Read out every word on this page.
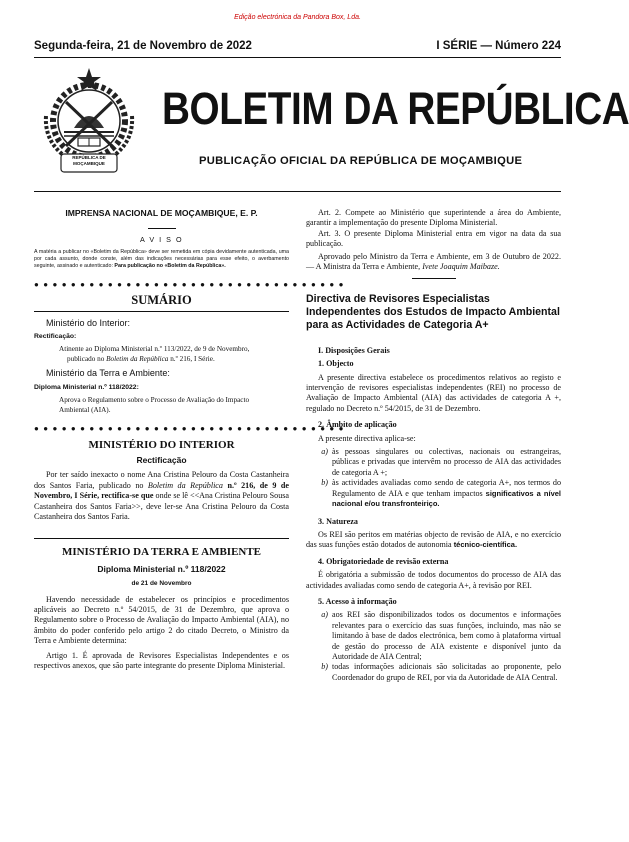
Edição electrónica da Pandora Box, Lda.
Segunda-feira, 21 de Novembro de 2022	I SÉRIE — Número 224
REPÚBLICA DE
MOÇAMBIQUE
BOLETIM DA REPÚBLICA
PUBLICAÇÃO OFICIAL DA REPÚBLICA DE MOÇAMBIQUE
IMPRENSA NACIONAL DE MOÇAMBIQUE, E. P.
A V I S O

A matéria a publicar no «Boletim da República» deve ser remetida em cópia devidamente autenticada, uma por cada assunto, donde conste, além das indicações necessárias para esse efeito, o averbamento seguinte, assinado e autenticado: Para publicação no «Boletim da República».

● ● ● ● ● ● ● ● ● ● ● ● ● ● ● ● ● ● ● ● ● ● ● ● ● ● ● ● ● ● ● ● ● ●
SUMÁRIO
Ministério do Interior:
Rectificação:
Atinente ao Diploma Ministerial n.º 113/2022, de 9 de Novembro,
publicado no Boletim da República n.º 216, I Série.
Ministério da Terra e Ambiente:
Diploma Ministerial n.º 118/2022:
Aprova o Regulamento sobre o Processo de Avaliação do Impacto Ambiental (AIA).
● ● ● ● ● ● ● ● ● ● ● ● ● ● ● ● ● ● ● ● ● ● ● ● ● ● ● ● ● ● ● ● ● ●
MINISTÉRIO DO INTERIOR
Rectificação

Por ter saído inexacto o nome Ana Cristina Pelouro da Costa Castanheira dos Santos Faria, publicado no Boletim da República n.º 216, de 9 de Novembro, I Série, rectifica-se que onde se lê <<Ana Cristina Pelouro Sousa Castanheira dos Santos Faria>>, deve ler-se Ana Cristina Pelouro da Costa Castanheira dos Santos Faria.

MINISTÉRIO DA TERRA E AMBIENTE
Diploma Ministerial n.º 118/2022
de 21 de Novembro

Havendo necessidade de estabelecer os princípios e procedimentos aplicáveis ao Decreto n.º 54/2015, de 31 de Dezembro, que aprova o Regulamento sobre o Processo de Avaliação do Impacto Ambiental (AIA), no âmbito do poder conferido pelo artigo 2 do citado Decreto, o Ministro da Terra e Ambiente determina:

Artigo 1. É aprovada de Revisores Especialistas Independentes e os respectivos anexos, que são parte integrante do presente Diploma Ministerial.

Art. 2. Compete ao Ministério que superintende a área do Ambiente, garantir a implementação do presente Diploma Ministerial.

Art. 3. O presente Diploma Ministerial entra em vigor na data da sua publicação.

Aprovado pelo Ministro da Terra e Ambiente, em 3 de Outubro de 2022. — A Ministra da Terra e Ambiente, Ivete Joaquim Maibaze.

Directiva de Revisores Especialistas Independentes dos Estudos de Impacto Ambiental para as Actividades de Categoria A+
I. Disposições Gerais
1. Objecto

A presente directiva estabelece os procedimentos relativos ao registo e intervenção de revisores especialistas independentes (REI) no processo de Avaliação de Impacto Ambiental (AIA) das actividades de categoria A +, regulado no Decreto n.º 54/2015, de 31 de Dezembro.

2. Âmbito de aplicação

A presente directiva aplica-se:

a) às pessoas singulares ou colectivas, nacionais ou estrangeiras, públicas e privadas que intervêm no processo de AIA das actividades de categoria A +;
b) às actividades avaliadas como sendo de categoria A+, nos termos do Regulamento de AIA e que tenham impactos significativos a nível nacional e/ou transfronteiriço.
3. Natureza

Os REI são peritos em matérias objecto de revisão de AIA, e no exercício das suas funções estão dotados de autonomia técnico-científica.

4. Obrigatoriedade de revisão externa

É obrigatória a submissão de todos documentos do processo de AIA das actividades avaliadas como sendo de categoria A+, à revisão por REI.

5. Acesso à informação
a) aos REI são disponibilizados todos os documentos e informações relevantes para o exercício das suas funções, incluindo, mas não se limitando à base de dados electrónica, bem como à plataforma virtual de gestão do processo de AIA existente e disponível junto da Autoridade de AIA Central;
b) todas informações adicionais são solicitadas ao proponente, pelo Coordenador do grupo de REI, por via da Autoridade de AIA Central.
